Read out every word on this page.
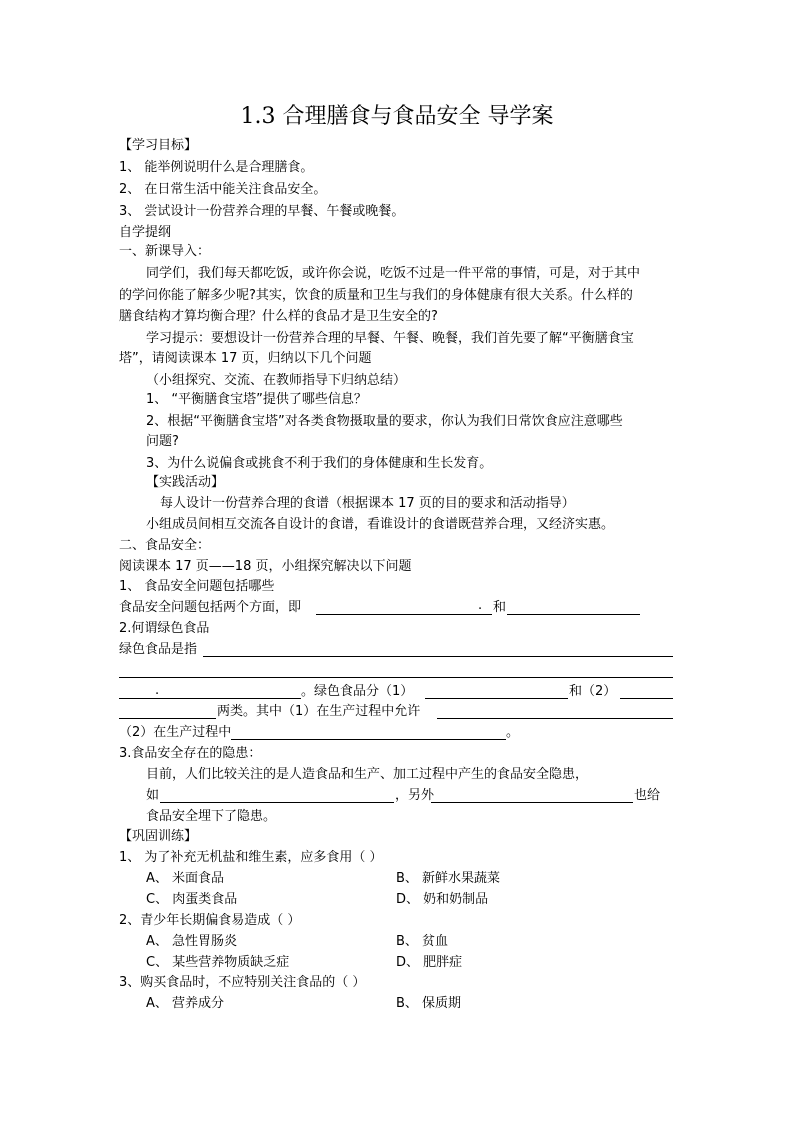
1.3 合理膳食与食品安全 导学案
【学习目标】
1、 能举例说明什么是合理膳食。
2、 在日常生活中能关注食品安全。
3、 尝试设计一份营养合理的早餐、午餐或晚餐。
自学提纲
一、新课导入：
同学们，我们每天都吃饭，或许你会说，吃饭不过是一件平常的事情，可是，对于其中
的学问你能了解多少呢?其实，饮食的质量和卫生与我们的身体健康有很大关系。什么样的
膳食结构才算均衡合理？什么样的食品才是卫生安全的?
学习提示：要想设计一份营养合理的早餐、午餐、晚餐，我们首先要了解“平衡膳食宝
塔”，请阅读课本 17 页，归纳以下几个问题
（小组探究、交流、在教师指导下归纳总结）
1、 “平衡膳食宝塔”提供了哪些信息？
2、根据“平衡膳食宝塔”对各类食物摄取量的要求，你认为我们日常饮食应注意哪些
问题?
3、为什么说偏食或挑食不利于我们的身体健康和生长发育。
【实践活动】
每人设计一份营养合理的食谱（根据课本 17 页的目的要求和活动指导）
小组成员间相互交流各自设计的食谱，看谁设计的食谱既营养合理，又经济实惠。
二、食品安全：
阅读课本 17 页——18 页，小组探究解决以下问题
1、 食品安全问题包括哪些
食品安全问题包括两个方面，即	. 和
2.何谓绿色食品
绿色食品是指
.	。绿色食品分（1）	和（2）
两类。其中（1）在生产过程中允许
（2）在生产过程中	。
3.食品安全存在的隐患：
目前，人们比较关注的是人造食品和生产、加工过程中产生的食品安全隐患，
如	，另外	也给
食品安全埋下了隐患。
【巩固训练】
1、 为了补充无机盐和维生素，应多食用（ ）
A、 米面食品	B、 新鲜水果蔬菜
C、 肉蛋类食品	D、 奶和奶制品
2、青少年长期偏食易造成（ ）
A、 急性胃肠炎	B、 贫血
C、 某些营养物质缺乏症	D、 肥胖症
3、购买食品时，不应特别关注食品的（ ）
A、 营养成分	B、 保质期
